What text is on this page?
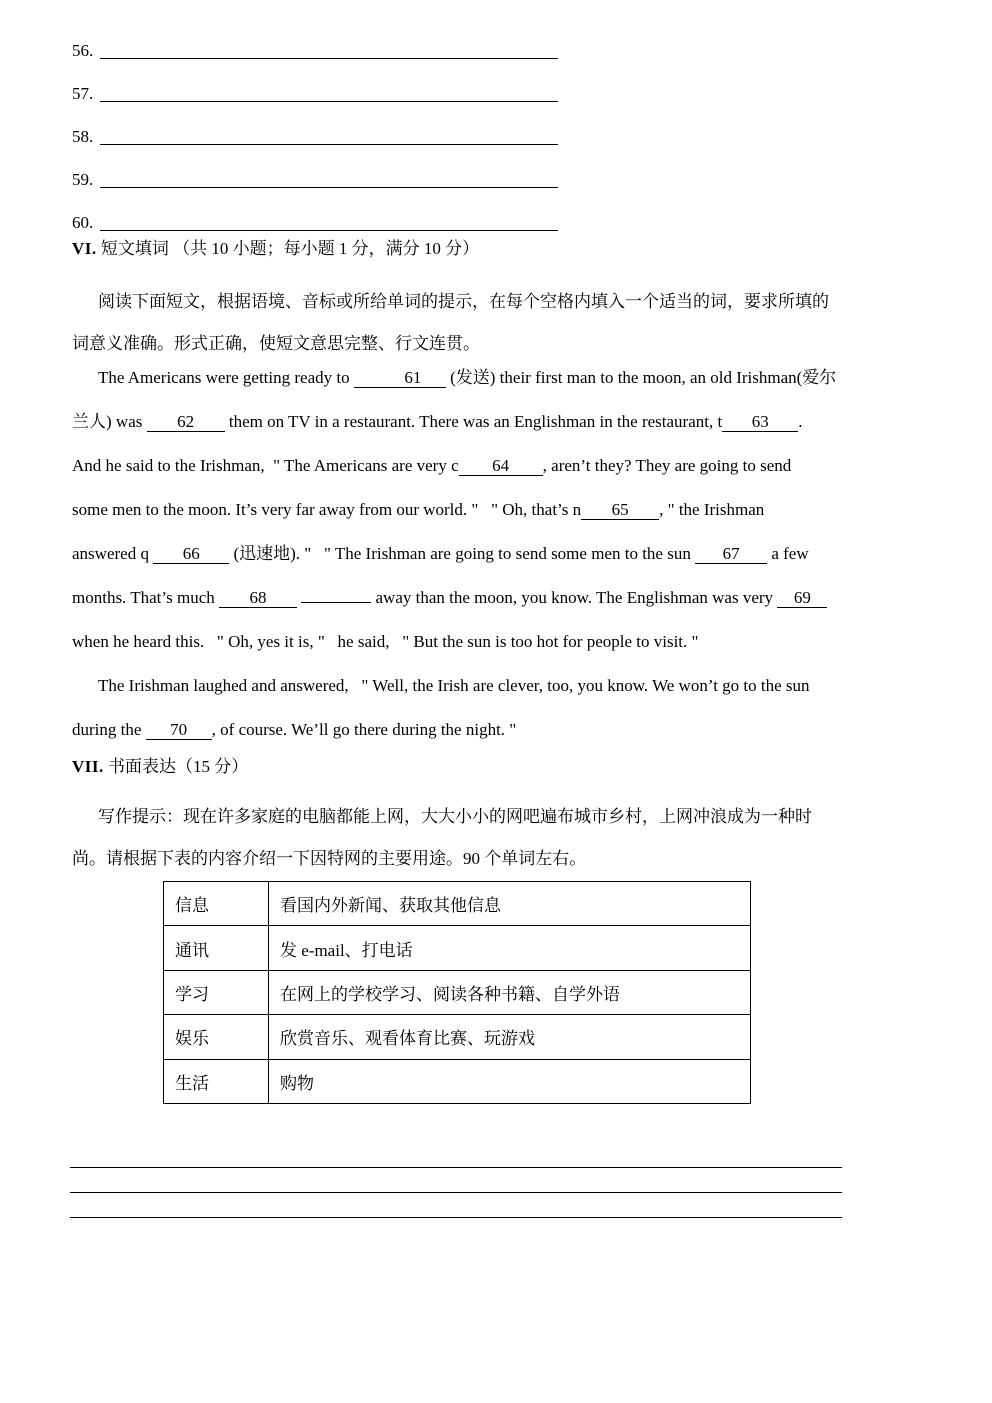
56.
57.
58.
59.
60.
VI. 短文填词 （共 10 小题；每小题 1 分，满分 10 分）
阅读下面短文，根据语境、音标或所给单词的提示，在每个空格内填入一个适当的词，要求所填的
词意义准确。形式正确，使短文意思完整、行文连贯。
The Americans were getting ready to	61 (发送) their first man to the moon, an old Irishman(爱尔
兰人) was 62 them on TV in a restaurant. There was an Englishman in the restaurant, t 63 .
And he said to the Irishman,  " The Americans are very c 64 , aren’t they? They are going to send
some men to the moon. It’s very far away from our world. "   " Oh, that’s n 65 , " the Irishman
answered q 66 (迅速地). "   " The Irishman are going to send some men to the sun 67 a few
months. That’s much 68	away than the moon, you know. The Englishman was very 69
when he heard this.   " Oh, yes it is, "   he said,   " But the sun is too hot for people to visit. "
The Irishman laughed and answered,   " Well, the Irish are clever, too, you know. We won’t go to the sun
during the 70 , of course. We’ll go there during the night. "
VII. 书面表达（15 分）
写作提示：现在许多家庭的电脑都能上网，大大小小的网吧遍布城市乡村，上网冲浪成为一种时
尚。请根据下表的内容介绍一下因特网的主要用途。90 个单词左右。
信息	看国内外新闻、获取其他信息
通讯	发 e-mail、打电话
学习	在网上的学校学习、阅读各种书籍、自学外语
娱乐	欣赏音乐、观看体育比赛、玩游戏
生活	购物
